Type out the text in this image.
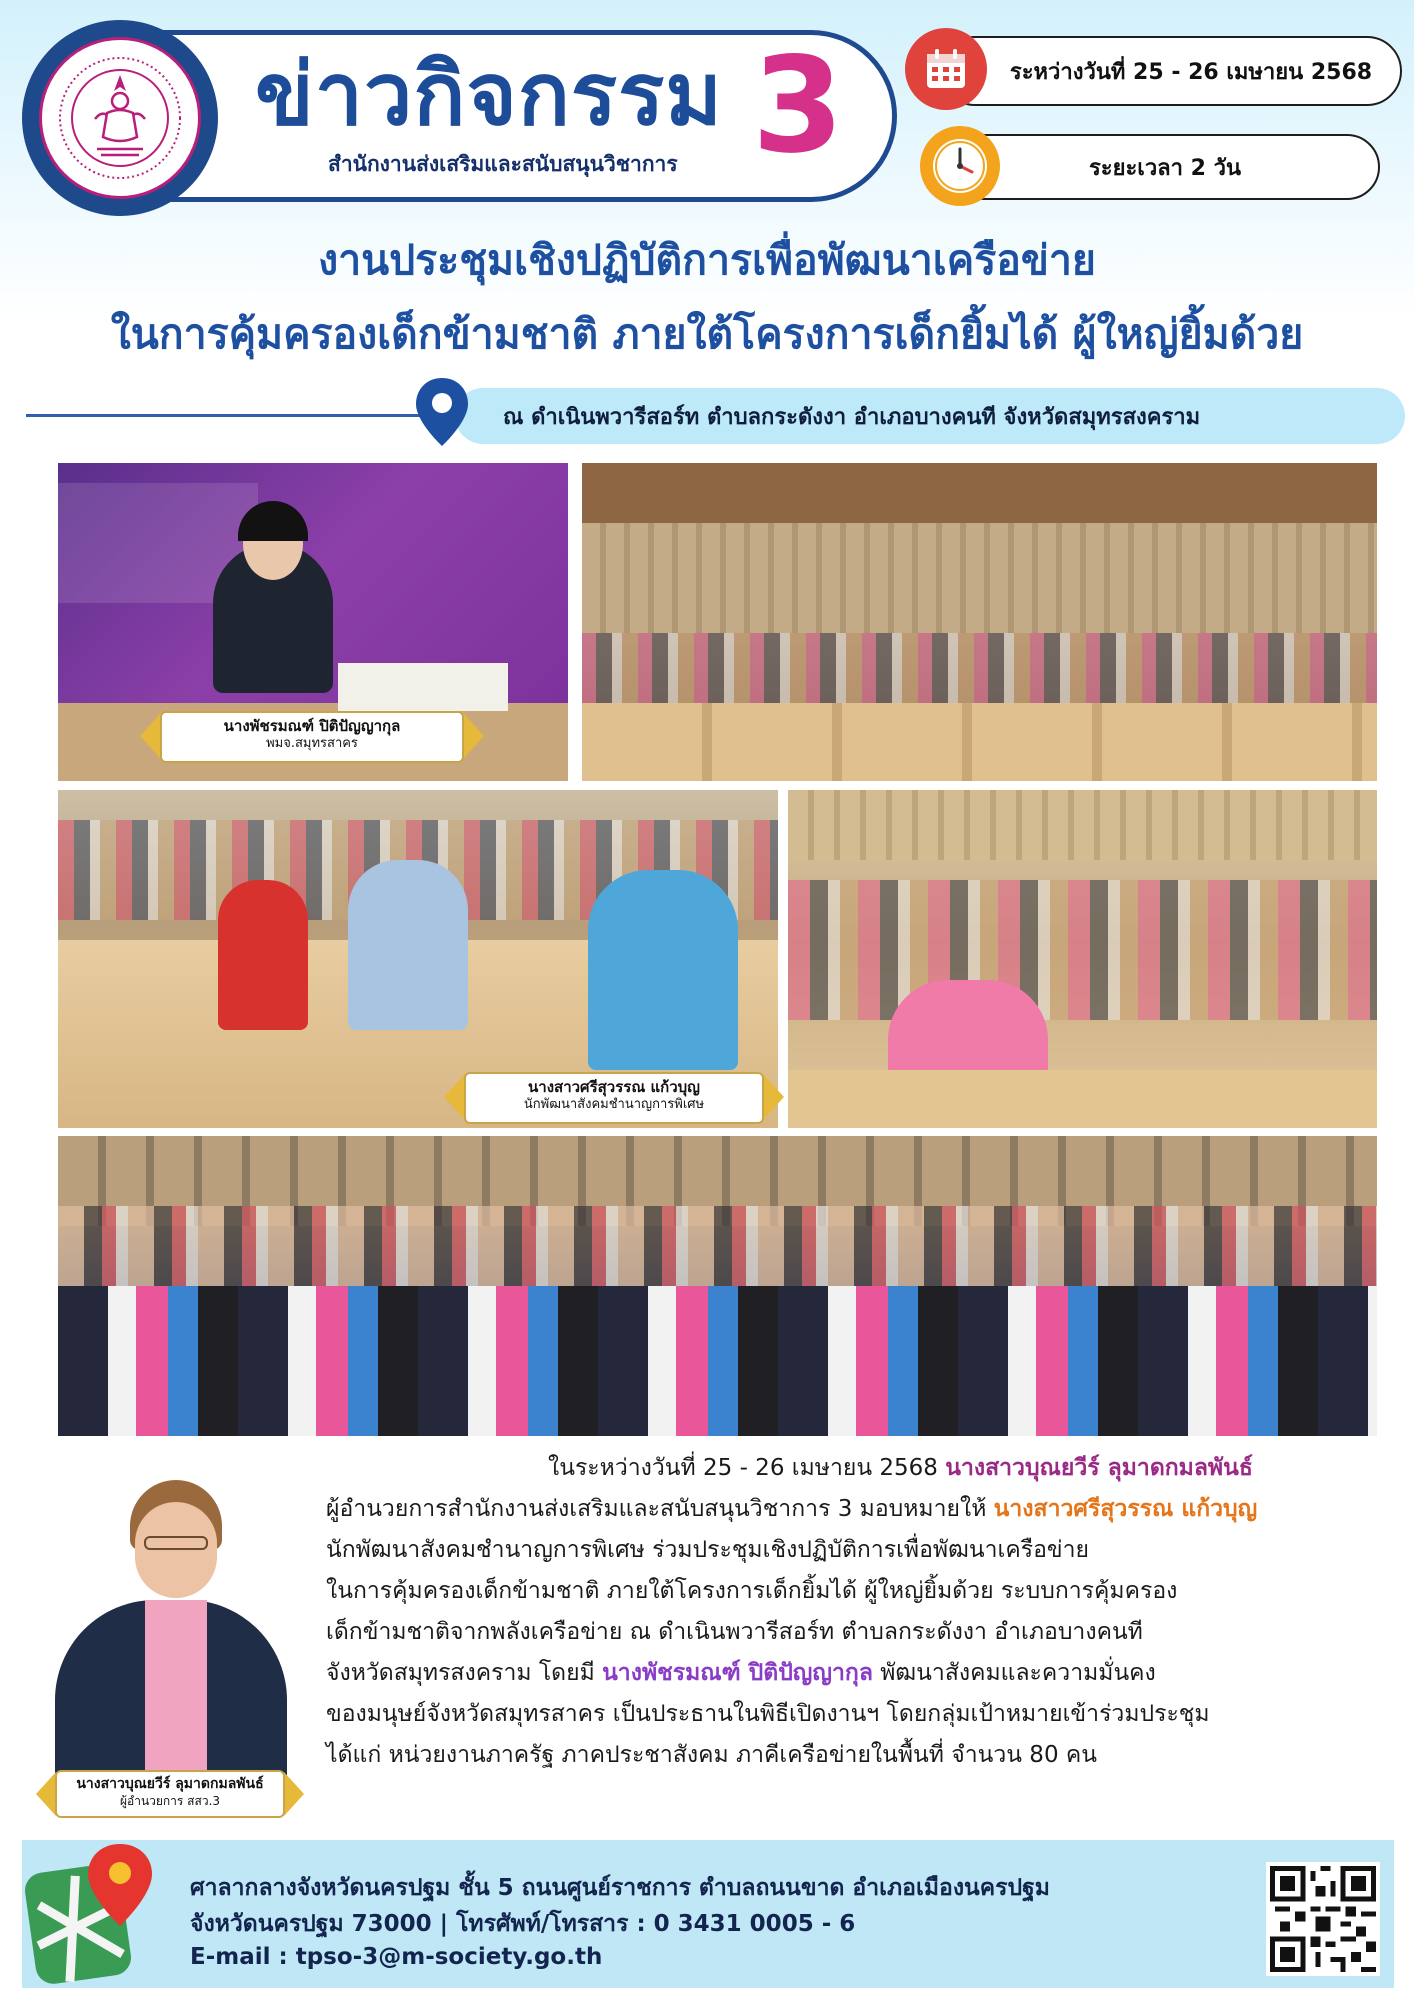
ข่าวกิจกรรม 3
สำนักงานส่งเสริมและสนับสนุนวิชาการ
ระหว่างวันที่ 25 - 26 เมษายน 2568
ระยะเวลา 2 วัน
งานประชุมเชิงปฏิบัติการเพื่อพัฒนาเครือข่าย
ในการคุ้มครองเด็กข้ามชาติ ภายใต้โครงการเด็กยิ้มได้ ผู้ใหญ่ยิ้มด้วย
ณ ดำเนินพวารีสอร์ท ตำบลกระดังงา อำเภอบางคนที จังหวัดสมุทรสงคราม
นางพัชรมณฑ์ ปิติปัญญากุล
พมจ.สมุทรสาคร
นางสาวศรีสุวรรณ แก้วบุญ
นักพัฒนาสังคมชำนาญการพิเศษ
นางสาวบุณยวีร์ ลุมาดกมลพันธ์
ผู้อำนวยการ สสว.3

ในระหว่างวันที่ 25 - 26 เมษายน 2568 นางสาวบุณยวีร์ ลุมาดกมลพันธ์

ผู้อำนวยการสำนักงานส่งเสริมและสนับสนุนวิชาการ 3 มอบหมายให้ นางสาวศรีสุวรรณ แก้วบุญ

นักพัฒนาสังคมชำนาญการพิเศษ ร่วมประชุมเชิงปฏิบัติการเพื่อพัฒนาเครือข่าย

ในการคุ้มครองเด็กข้ามชาติ ภายใต้โครงการเด็กยิ้มได้ ผู้ใหญ่ยิ้มด้วย ระบบการคุ้มครอง

เด็กข้ามชาติจากพลังเครือข่าย ณ ดำเนินพวารีสอร์ท ตำบลกระดังงา อำเภอบางคนที

จังหวัดสมุทรสงคราม โดยมี นางพัชรมณฑ์ ปิติปัญญากุล พัฒนาสังคมและความมั่นคง

ของมนุษย์จังหวัดสมุทรสาคร เป็นประธานในพิธีเปิดงานฯ โดยกลุ่มเป้าหมายเข้าร่วมประชุม

ได้แก่ หน่วยงานภาครัฐ ภาคประชาสังคม ภาคีเครือข่ายในพื้นที่ จำนวน 80 คน

ศาลากลางจังหวัดนครปฐม ชั้น 5 ถนนศูนย์ราชการ ตำบลถนนขาด อำเภอเมืองนครปฐม
จังหวัดนครปฐม 73000 | โทรศัพท์/โทรสาร : 0 3431 0005 - 6
E-mail : tpso-3@m-society.go.th
